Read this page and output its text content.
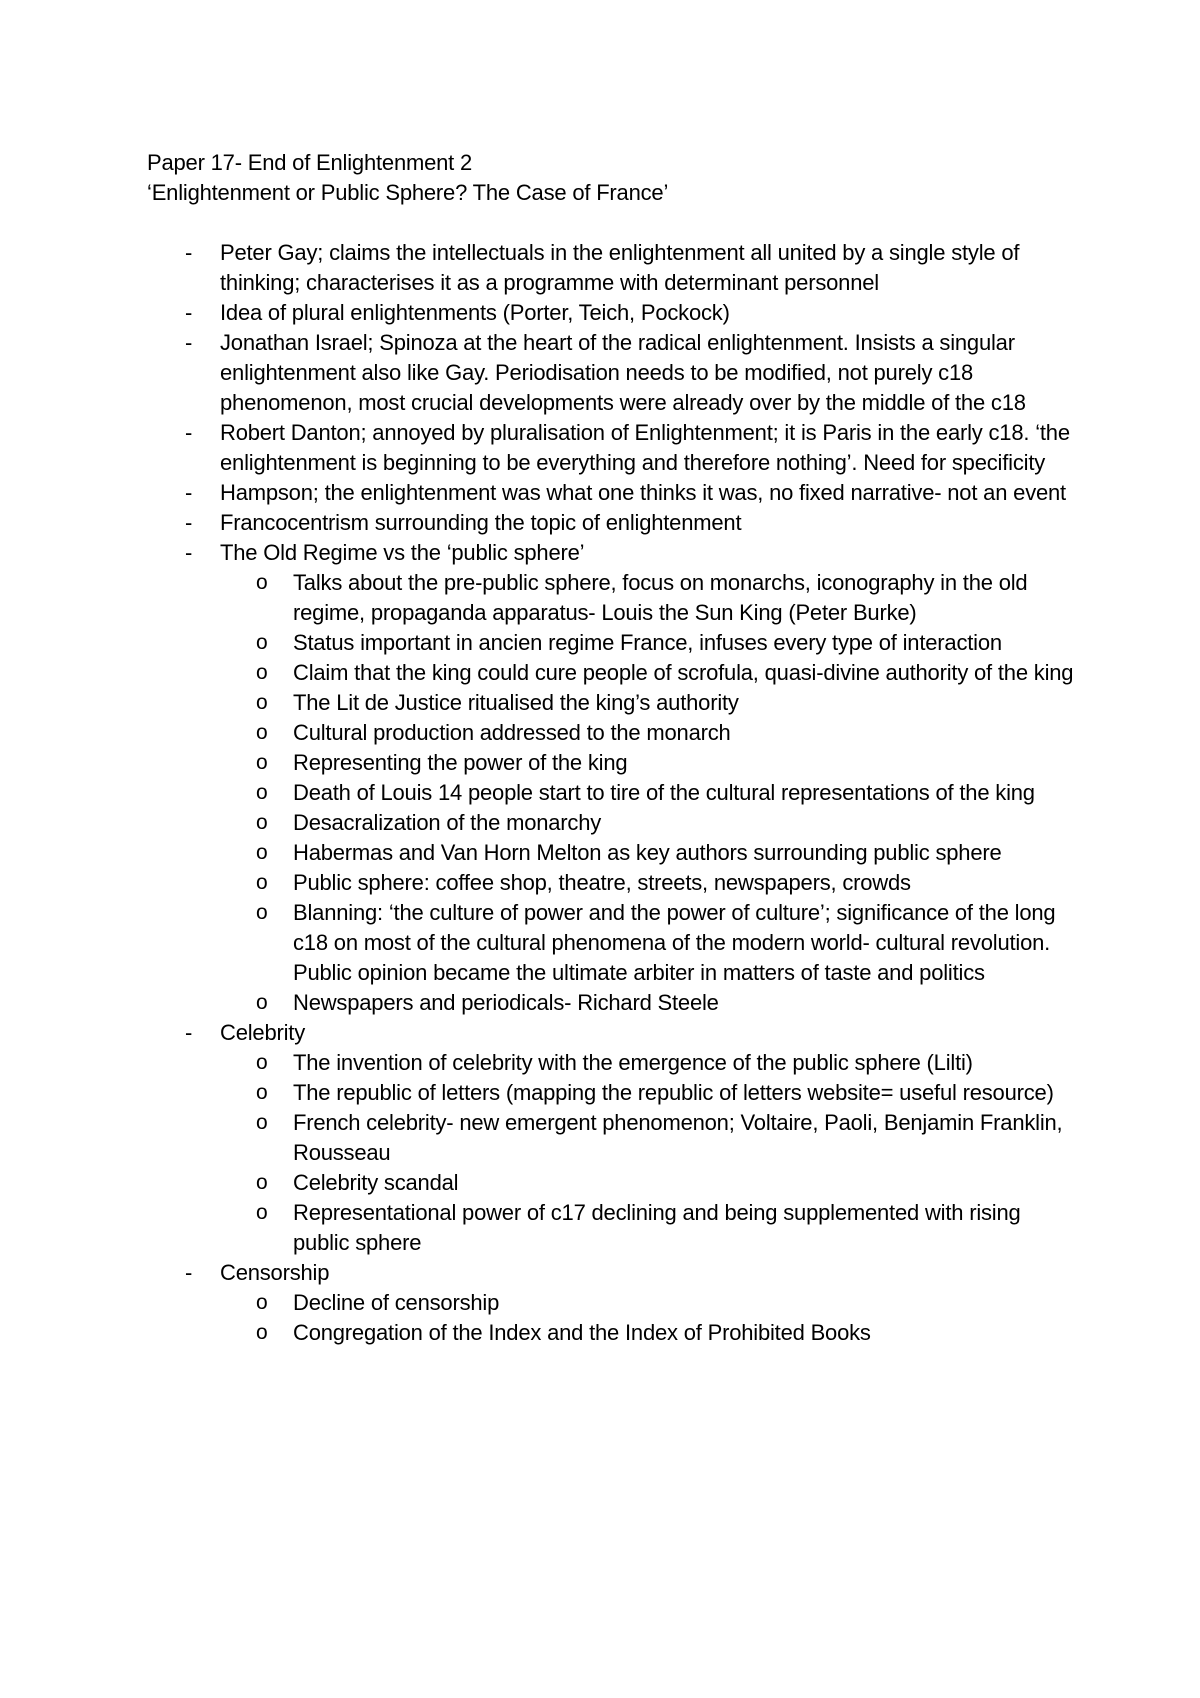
Paper 17- End of Enlightenment 2

‘Enlightenment or Public Sphere? The Case of France’

- Peter Gay; claims the intellectuals in the enlightenment all united by a single style of thinking; characterises it as a programme with determinant personnel
- Idea of plural enlightenments (Porter, Teich, Pockock)
- Jonathan Israel; Spinoza at the heart of the radical enlightenment. Insists a singular enlightenment also like Gay. Periodisation needs to be modified, not purely c18 phenomenon, most crucial developments were already over by the middle of the c18
- Robert Danton; annoyed by pluralisation of Enlightenment; it is Paris in the early c18. ‘the enlightenment is beginning to be everything and therefore nothing’. Need for specificity
- Hampson; the enlightenment was what one thinks it was, no fixed narrative- not an event
- Francocentrism surrounding the topic of enlightenment
- The Old Regime vs the ‘public sphere’
o Talks about the pre-public sphere, focus on monarchs, iconography in the old regime, propaganda apparatus- Louis the Sun King (Peter Burke)
o Status important in ancien regime France, infuses every type of interaction
o Claim that the king could cure people of scrofula, quasi-divine authority of the king
o The Lit de Justice ritualised the king’s authority
o Cultural production addressed to the monarch
o Representing the power of the king
o Death of Louis 14 people start to tire of the cultural representations of the king
o Desacralization of the monarchy
o Habermas and Van Horn Melton as key authors surrounding public sphere
o Public sphere: coffee shop, theatre, streets, newspapers, crowds
o Blanning: ‘the culture of power and the power of culture’; significance of the long c18 on most of the cultural phenomena of the modern world- cultural revolution. Public opinion became the ultimate arbiter in matters of taste and politics
o Newspapers and periodicals- Richard Steele
- Celebrity
o The invention of celebrity with the emergence of the public sphere (Lilti)
o The republic of letters (mapping the republic of letters website= useful resource)
o French celebrity- new emergent phenomenon; Voltaire, Paoli, Benjamin Franklin, Rousseau
o Celebrity scandal
o Representational power of c17 declining and being supplemented with rising public sphere
- Censorship
o Decline of censorship
o Congregation of the Index and the Index of Prohibited Books
